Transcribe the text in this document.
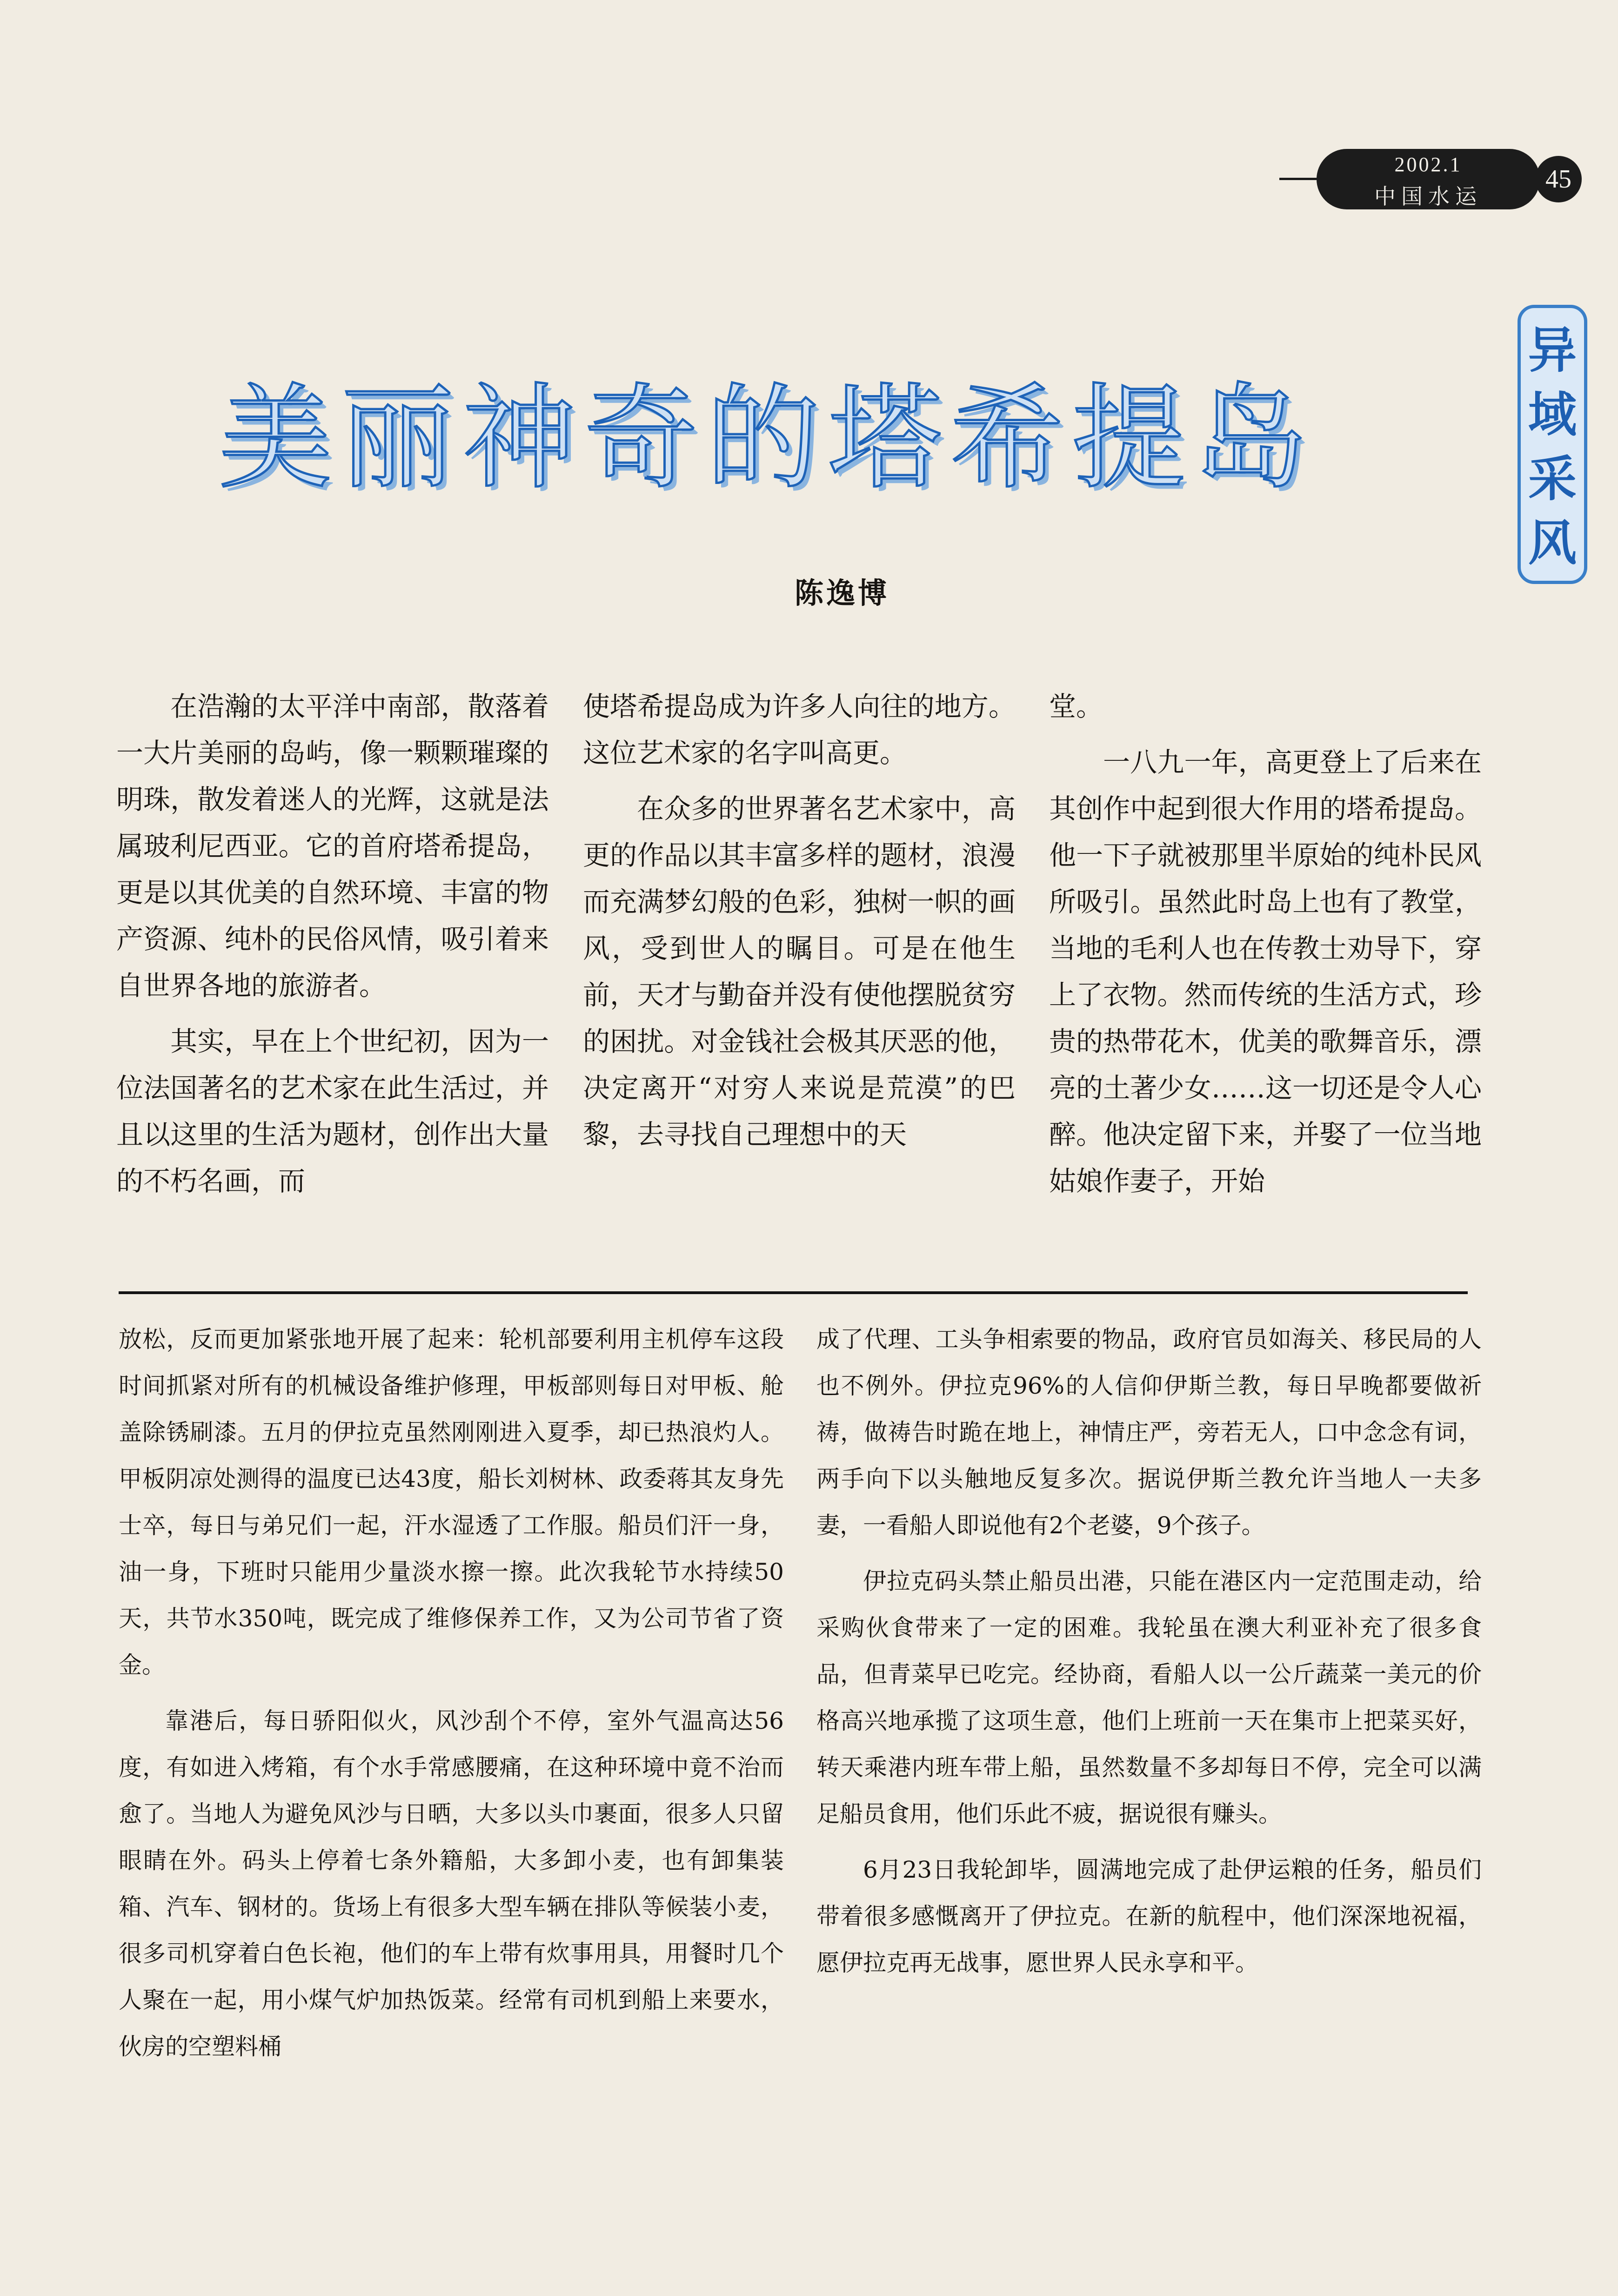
2002.1
中国水运
45
异
域
采
风
美丽神奇的塔希提岛
陈逸博

在浩瀚的太平洋中南部，散落着一大片美丽的岛屿，像一颗颗璀璨的明珠，散发着迷人的光辉，这就是法属玻利尼西亚。它的首府塔希提岛，更是以其优美的自然环境、丰富的物产资源、纯朴的民俗风情，吸引着来自世界各地的旅游者。

其实，早在上个世纪初，因为一位法国著名的艺术家在此生活过，并且以这里的生活为题材，创作出大量的不朽名画，而

使塔希提岛成为许多人向往的地方。这位艺术家的名字叫高更。

在众多的世界著名艺术家中，高更的作品以其丰富多样的题材，浪漫而充满梦幻般的色彩，独树一帜的画风，受到世人的瞩目。可是在他生前，天才与勤奋并没有使他摆脱贫穷的困扰。对金钱社会极其厌恶的他，决定离开“对穷人来说是荒漠”的巴黎，去寻找自己理想中的天

堂。

一八九一年，高更登上了后来在其创作中起到很大作用的塔希提岛。他一下子就被那里半原始的纯朴民风所吸引。虽然此时岛上也有了教堂，当地的毛利人也在传教士劝导下，穿上了衣物。然而传统的生活方式，珍贵的热带花木，优美的歌舞音乐，漂亮的土著少女……这一切还是令人心醉。他决定留下来，并娶了一位当地姑娘作妻子，开始

放松，反而更加紧张地开展了起来：轮机部要利用主机停车这段时间抓紧对所有的机械设备维护修理，甲板部则每日对甲板、舱盖除锈刷漆。五月的伊拉克虽然刚刚进入夏季，却已热浪灼人。甲板阴凉处测得的温度已达43度，船长刘树林、政委蒋其友身先士卒，每日与弟兄们一起，汗水湿透了工作服。船员们汗一身，油一身，下班时只能用少量淡水擦一擦。此次我轮节水持续50天，共节水350吨，既完成了维修保养工作，又为公司节省了资金。

靠港后，每日骄阳似火，风沙刮个不停，室外气温高达56度，有如进入烤箱，有个水手常感腰痛，在这种环境中竟不治而愈了。当地人为避免风沙与日晒，大多以头巾裹面，很多人只留眼睛在外。码头上停着七条外籍船，大多卸小麦，也有卸集装箱、汽车、钢材的。货场上有很多大型车辆在排队等候装小麦，很多司机穿着白色长袍，他们的车上带有炊事用具，用餐时几个人聚在一起，用小煤气炉加热饭菜。经常有司机到船上来要水，伙房的空塑料桶

成了代理、工头争相索要的物品，政府官员如海关、移民局的人也不例外。伊拉克96%的人信仰伊斯兰教，每日早晚都要做祈祷，做祷告时跪在地上，神情庄严，旁若无人，口中念念有词，两手向下以头触地反复多次。据说伊斯兰教允许当地人一夫多妻，一看船人即说他有2个老婆，9个孩子。

伊拉克码头禁止船员出港，只能在港区内一定范围走动，给采购伙食带来了一定的困难。我轮虽在澳大利亚补充了很多食品，但青菜早已吃完。经协商，看船人以一公斤蔬菜一美元的价格高兴地承揽了这项生意，他们上班前一天在集市上把菜买好，转天乘港内班车带上船，虽然数量不多却每日不停，完全可以满足船员食用，他们乐此不疲，据说很有赚头。

6月23日我轮卸毕，圆满地完成了赴伊运粮的任务，船员们带着很多感慨离开了伊拉克。在新的航程中，他们深深地祝福，愿伊拉克再无战事，愿世界人民永享和平。
